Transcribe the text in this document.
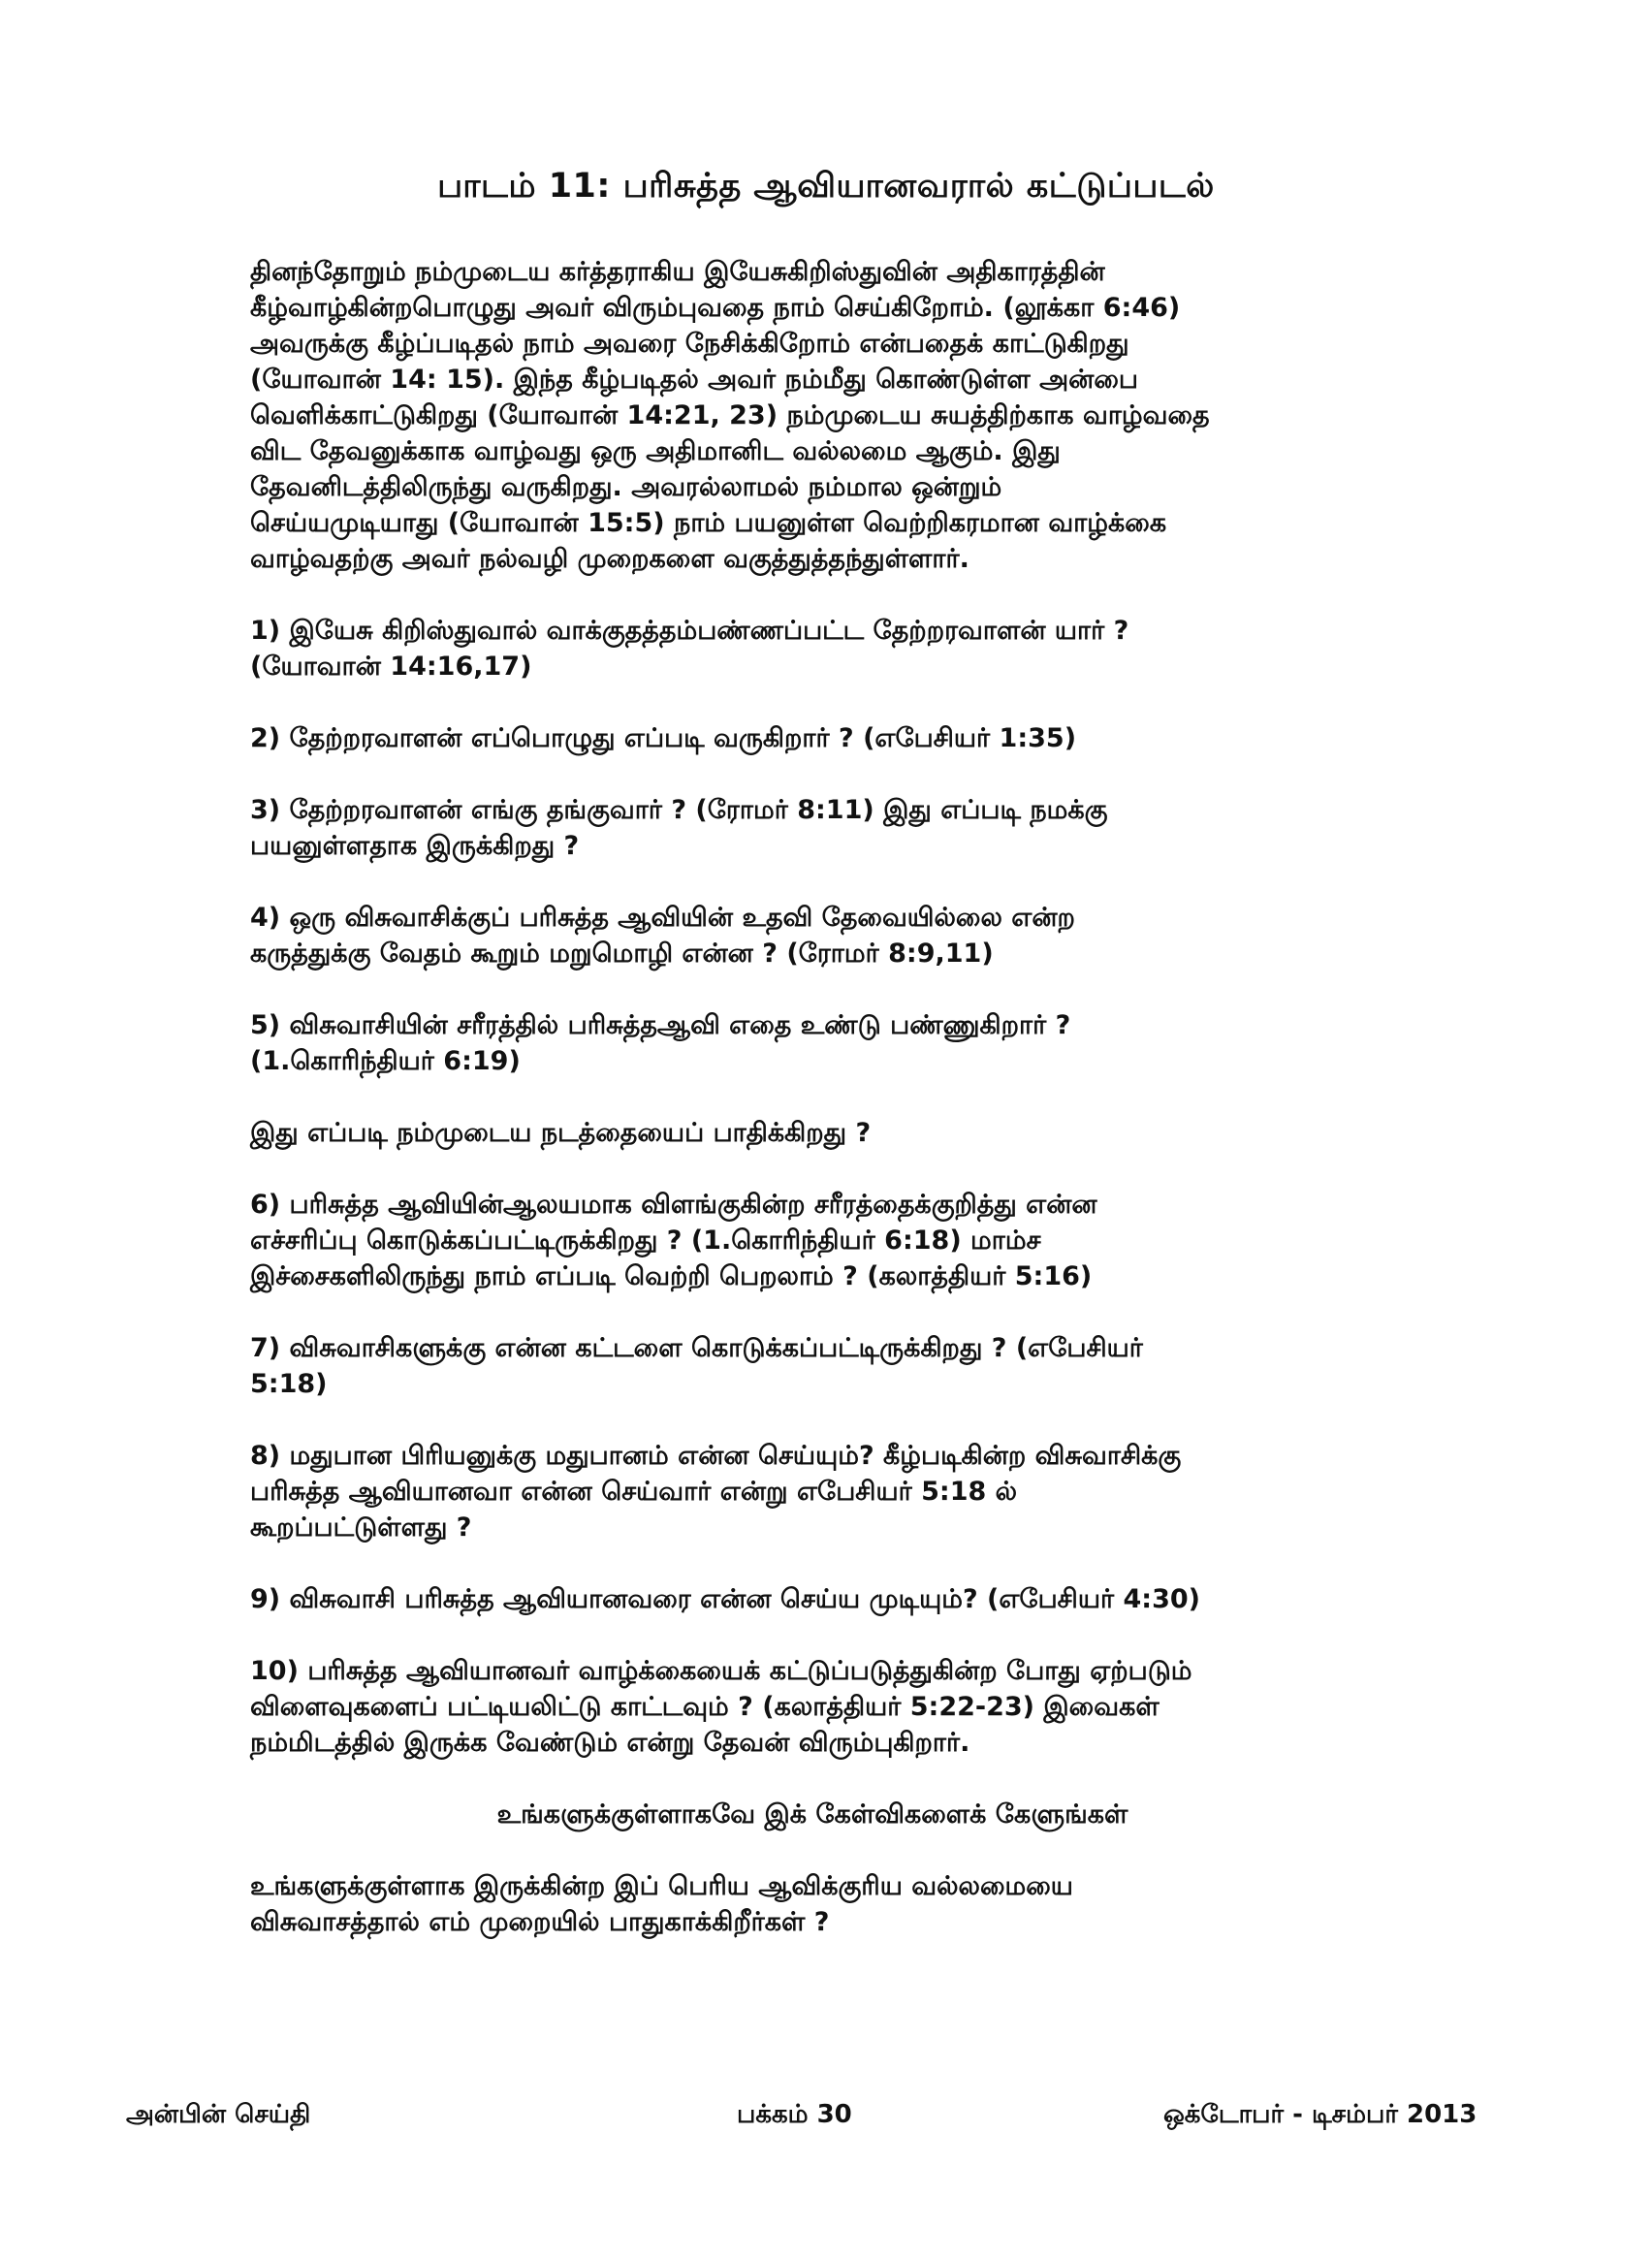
பாடம் 11: பரிசுத்த ஆவியானவரால் கட்டுப்படல்

தினந்தோறும் நம்முடைய கர்த்தராகிய இயேசுகிறிஸ்துவின் அதிகாரத்தின்
கீழ்வாழ்கின்றபொழுது அவர் விரும்புவதை நாம் செய்கிறோம். (லூக்கா 6:46)
அவருக்கு கீழ்ப்படிதல் நாம் அவரை நேசிக்கிறோம் என்பதைக் காட்டுகிறது
(யோவான் 14: 15). இந்த கீழ்படிதல் அவர் நம்மீது கொண்டுள்ள அன்பை
வெளிக்காட்டுகிறது (யோவான் 14:21, 23) நம்முடைய சுயத்திற்காக வாழ்வதை
விட தேவனுக்காக வாழ்வது ஒரு அதிமானிட வல்லமை ஆகும். இது
தேவனிடத்திலிருந்து வருகிறது. அவரல்லாமல் நம்மால ஒன்றும்
செய்யமுடியாது (யோவான் 15:5) நாம் பயனுள்ள வெற்றிகரமான வாழ்க்கை
வாழ்வதற்கு அவர் நல்வழி முறைகளை வகுத்துத்தந்துள்ளார்.

1) இயேசு கிறிஸ்துவால் வாக்குதத்தம்பண்ணப்பட்ட தேற்றரவாளன் யார் ?
(யோவான் 14:16,17)

2) தேற்றரவாளன் எப்பொழுது எப்படி வருகிறார் ? (எபேசியர் 1:35)

3) தேற்றரவாளன் எங்கு தங்குவார் ? (ரோமர் 8:11) இது எப்படி நமக்கு
பயனுள்ளதாக இருக்கிறது ?

4) ஒரு விசுவாசிக்குப் பரிசுத்த ஆவியின் உதவி தேவையில்லை என்ற
கருத்துக்கு வேதம் கூறும் மறுமொழி என்ன ? (ரோமர் 8:9,11)

5) விசுவாசியின் சரீரத்தில் பரிசுத்தஆவி எதை உண்டு பண்ணுகிறார் ?
(1.கொரிந்தியர் 6:19)

இது எப்படி நம்முடைய நடத்தையைப் பாதிக்கிறது ?

6) பரிசுத்த ஆவியின்ஆலயமாக விளங்குகின்ற சரீரத்தைக்குறித்து என்ன
எச்சரிப்பு கொடுக்கப்பட்டிருக்கிறது ? (1.கொரிந்தியர் 6:18) மாம்ச
இச்சைகளிலிருந்து நாம் எப்படி வெற்றி பெறலாம் ? (கலாத்தியர் 5:16)

7) விசுவாசிகளுக்கு என்ன கட்டளை கொடுக்கப்பட்டிருக்கிறது ? (எபேசியர்
5:18)

8) மதுபான பிரியனுக்கு மதுபானம் என்ன செய்யும்? கீழ்படிகின்ற விசுவாசிக்கு
பரிசுத்த ஆவியானவா என்ன செய்வார் என்று எபேசியர் 5:18 ல்
கூறப்பட்டுள்ளது ?

9) விசுவாசி பரிசுத்த ஆவியானவரை என்ன செய்ய முடியும்? (எபேசியர் 4:30)

10) பரிசுத்த ஆவியானவர் வாழ்க்கையைக் கட்டுப்படுத்துகின்ற போது ஏற்படும்
விளைவுகளைப் பட்டியலிட்டு காட்டவும் ? (கலாத்தியர் 5:22-23) இவைகள்
நம்மிடத்தில் இருக்க வேண்டும் என்று தேவன் விரும்புகிறார்.

உங்களுக்குள்ளாகவே இக் கேள்விகளைக் கேளுங்கள்

உங்களுக்குள்ளாக இருக்கின்ற இப் பெரிய ஆவிக்குரிய வல்லமையை
விசுவாசத்தால் எம் முறையில் பாதுகாக்கிறீர்கள் ?

அன்பின் செய்தி	பக்கம் 30	ஒக்டோபர் - டிசம்பர் 2013
